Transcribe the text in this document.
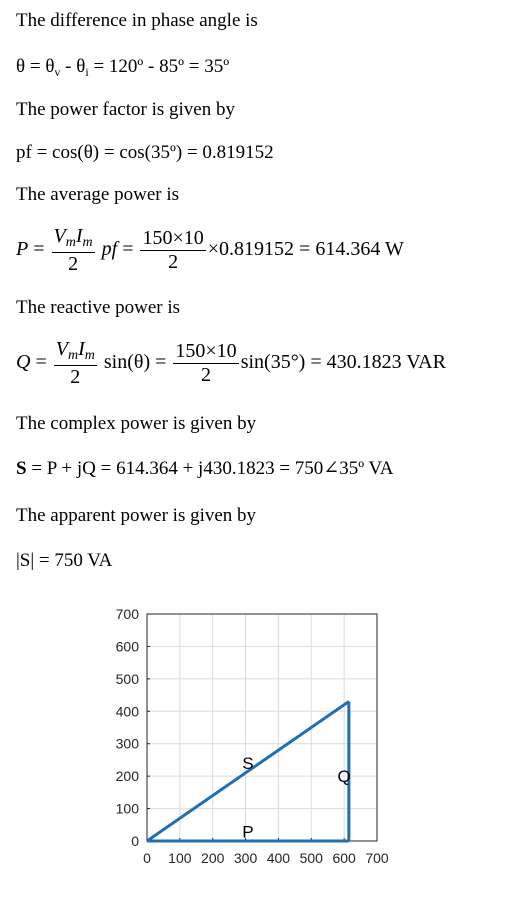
The difference in phase angle is
$\theta = \theta_v - \theta_i$ = 120º - 85º = 35º
The power factor is given by
pf = cos(θ) = cos(35º) = 0.819152
The average power is
$P = \frac{V_mI_m}{2}$ pf = $\frac{150\times 10}{2} \times 0.819152 = 614.364$ W
The reactive power is
$Q = \frac{V_mI_m}{2} \sin(\theta) = \frac{150\times 10}{2} \sin(35^\circ) = 430.1823$ VAR
The complex power is given by
S = P + jQ = 614.364 + j430.1823 = 750∠35º VA
The apparent power is given by
|S| = 750 VA
0 100 200 300 400 500 600 700
0
100
200
300
400
500
600
700
S
Q
P
